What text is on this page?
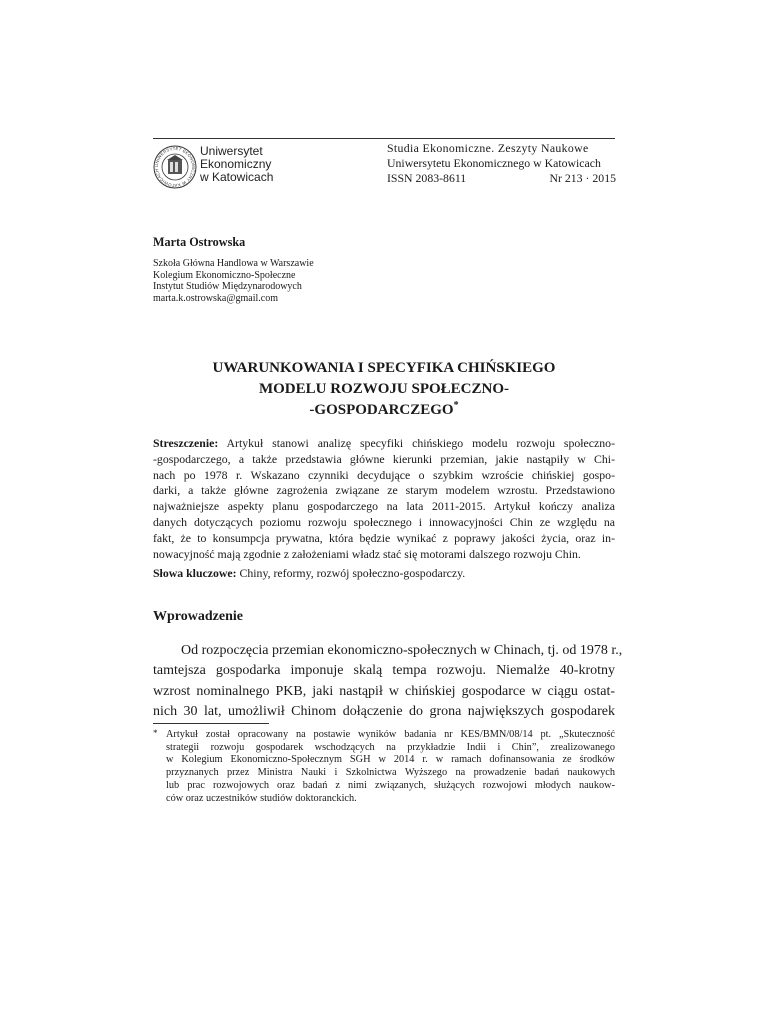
UNIWERSYTET EKONOMICZNY W KATOWICACH
Uniwersytet
Ekonomiczny
w Katowicach
Studia Ekonomiczne. Zeszyty Naukowe
Uniwersytetu Ekonomicznego w Katowicach
ISSN 2083-8611	Nr 213 · 2015
Marta Ostrowska
Szkoła Główna Handlowa w Warszawie
Kolegium Ekonomiczno-Społeczne
Instytut Studiów Międzynarodowych
marta.k.ostrowska@gmail.com
UWARUNKOWANIA I SPECYFIKA CHIŃSKIEGO
MODELU ROZWOJU SPOŁECZNO-
-GOSPODARCZEGO*
Streszczenie: Artykuł stanowi analizę specyfiki chińskiego modelu rozwoju społeczno-
-gospodarczego, a także przedstawia główne kierunki przemian, jakie nastąpiły w Chi-
nach po 1978 r. Wskazano czynniki decydujące o szybkim wzroście chińskiej gospo-
darki, a także główne zagrożenia związane ze starym modelem wzrostu. Przedstawiono
najważniejsze aspekty planu gospodarczego na lata 2011-2015. Artykuł kończy analiza
danych dotyczących poziomu rozwoju społecznego i innowacyjności Chin ze względu na
fakt, że to konsumpcja prywatna, która będzie wynikać z poprawy jakości życia, oraz in-
nowacyjność mają zgodnie z założeniami władz stać się motorami dalszego rozwoju Chin.
Słowa kluczowe: Chiny, reformy, rozwój społeczno-gospodarczy.
Wprowadzenie
Od rozpoczęcia przemian ekonomiczno-społecznych w Chinach, tj. od 1978 r.,
tamtejsza gospodarka imponuje skalą tempa rozwoju. Niemalże 40-krotny
wzrost nominalnego PKB, jaki nastąpił w chińskiej gospodarce w ciągu ostat-
nich 30 lat, umożliwił Chinom dołączenie do grona największych gospodarek
* Artykuł został opracowany na postawie wyników badania nr KES/BMN/08/14 pt. „Skuteczność
strategii rozwoju gospodarek wschodzących na przykładzie Indii i Chin”, zrealizowanego
w Kolegium Ekonomiczno-Społecznym SGH w 2014 r. w ramach dofinansowania ze środków
przyznanych przez Ministra Nauki i Szkolnictwa Wyższego na prowadzenie badań naukowych
lub prac rozwojowych oraz badań z nimi związanych, służących rozwojowi młodych naukow-
ców oraz uczestników studiów doktoranckich.
